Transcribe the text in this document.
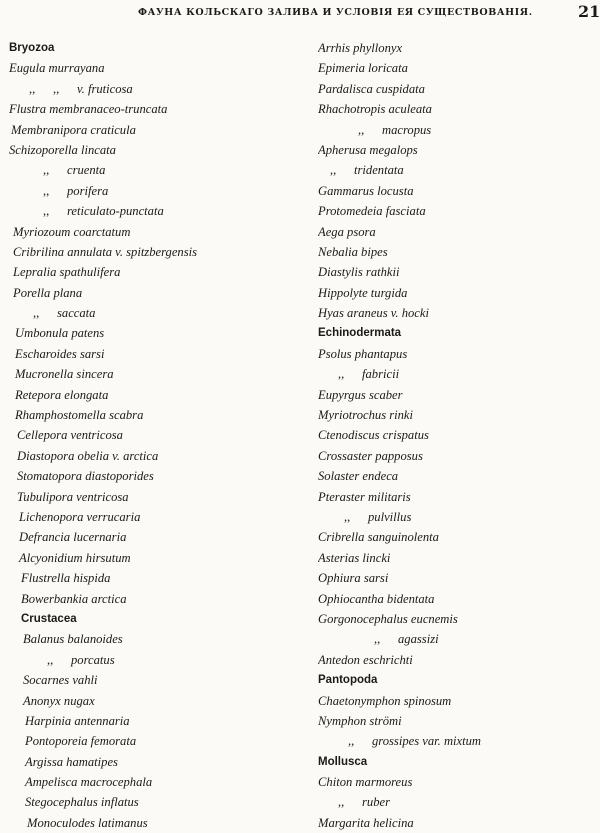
ФАУНА КОЛЬСКАГО ЗАЛИВА И УСЛОВІЯ ЕЯ СУЩЕСТВОВАНІЯ.	21
Bryozoa
Eugula murrayana
,, ,, v. fruticosa
Flustra membranaceo-truncata
Membranipora craticula
Schizoporella lincata
,, cruenta
,, porifera
,, reticulato-punctata
Myriozoum coarctatum
Cribrilina annulata v. spitzbergensis
Lepralia spathulifera
Porella plana
,, saccata
Umbonula patens
Escharoides sarsi
Mucronella sincera
Retepora elongata
Rhamphostomella scabra
Cellepora ventricosa
Diastopora obelia v. arctica
Stomatopora diastoporides
Tubulipora ventricosa
Lichenopora verrucaria
Defrancia lucernaria
Alcyonidium hirsutum
Flustrella hispida
Bowerbankia arctica
Crustacea
Balanus balanoides
,, porcatus
Socarnes vahli
Anonyx nugax
Harpinia antennaria
Pontoporeia femorata
Argissa hamatipes
Ampelisca macrocephala
Stegocephalus inflatus
Monoculodes latimanus
Arrhis phyllonyx
Epimeria loricata
Pardalisca cuspidata
Rhachotropis aculeata
,, macropus
Apherusa megalops
,, tridentata
Gammarus locusta
Protomedeia fasciata
Aega psora
Nebalia bipes
Diastylis rathkii
Hippolyte turgida
Hyas araneus v. hocki
Echinodermata
Psolus phantapus
,, fabricii
Eupyrgus scaber
Myriotrochus rinki
Ctenodiscus crispatus
Crossaster papposus
Solaster endeca
Pteraster militaris
,, pulvillus
Cribrella sanguinolenta
Asterias lincki
Ophiura sarsi
Ophiocantha bidentata
Gorgonocephalus eucnemis
,, agassizi
Antedon eschrichti
Pantopoda
Chaetonymphon spinosum
Nymphon strömi
,, grossipes var. mixtum
Mollusca
Chiton marmoreus
,, ruber
Margarita helicina
